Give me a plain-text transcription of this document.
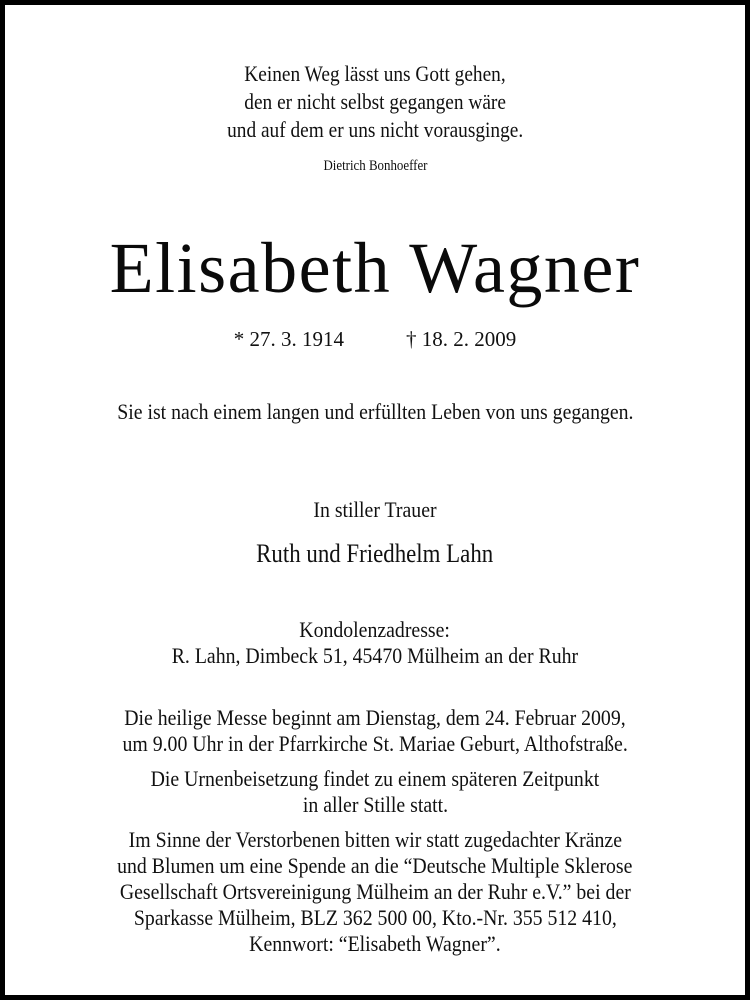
Keinen Weg lässt uns Gott gehen,
den er nicht selbst gegangen wäre
und auf dem er uns nicht vorausginge.
Dietrich Bonhoeffer
Elisabeth Wagner
* 27. 3. 1914	† 18. 2. 2009
Sie ist nach einem langen und erfüllten Leben von uns gegangen.
In stiller Trauer
Ruth und Friedhelm Lahn
Kondolenzadresse:
R. Lahn, Dimbeck 51, 45470 Mülheim an der Ruhr
Die heilige Messe beginnt am Dienstag, dem 24. Februar 2009,
um 9.00 Uhr in der Pfarrkirche St. Mariae Geburt, Althofstraße.
Die Urnenbeisetzung findet zu einem späteren Zeitpunkt
in aller Stille statt.
Im Sinne der Verstorbenen bitten wir statt zugedachter Kränze
und Blumen um eine Spende an die “Deutsche Multiple Sklerose
Gesellschaft Ortsvereinigung Mülheim an der Ruhr e.V.” bei der
Sparkasse Mülheim, BLZ 362 500 00, Kto.-Nr. 355 512 410,
Kennwort: “Elisabeth Wagner”.
